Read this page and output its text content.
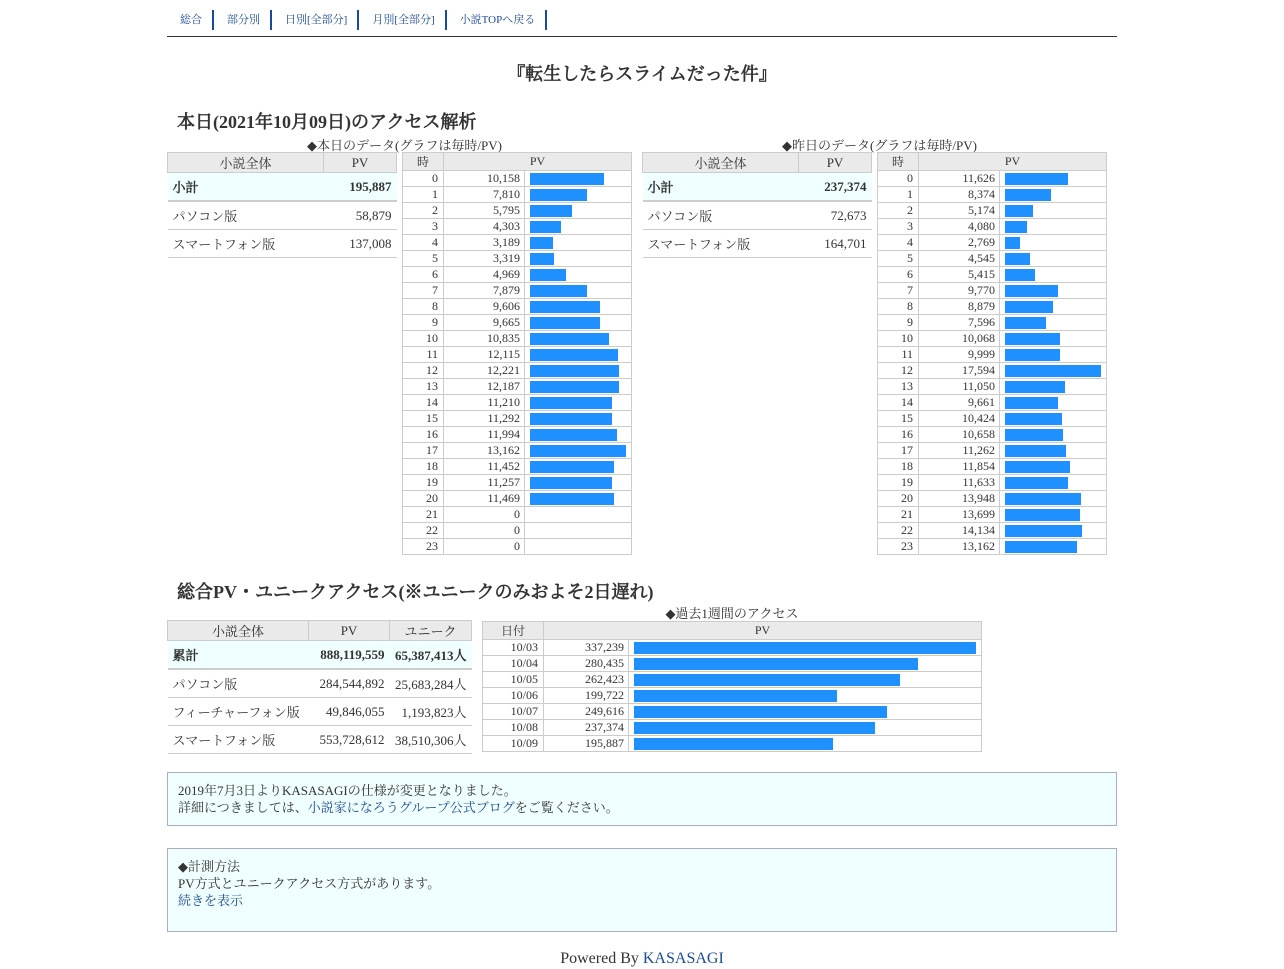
総合	部分別	日別[全部分]	月別[全部分]	小説TOPへ戻る
『転生したらスライムだった件』
本日(2021年10月09日)のアクセス解析
◆本日のデータ(グラフは毎時/PV)	◆昨日のデータ(グラフは毎時/PV)
小説全体	PV
小計	195,887
パソコン版	58,879
スマートフォン版	137,008
時	PV	
0	10,158	

1	7,810	

2	5,795	

3	4,303	

4	3,189	

5	3,319	

6	4,969	

7	7,879	

8	9,606	

9	9,665	

10	10,835	

11	12,115	

12	12,221	

13	12,187	

14	11,210	

15	11,292	

16	11,994	

17	13,162	

18	11,452	

19	11,257	

20	11,469	

21	0	
22	0	
23	0	
小説全体	PV
小計	237,374
パソコン版	72,673
スマートフォン版	164,701
時	PV	
0	11,626	

1	8,374	

2	5,174	

3	4,080	

4	2,769	

5	4,545	

6	5,415	

7	9,770	

8	8,879	

9	7,596	

10	10,068	

11	9,999	

12	17,594	

13	11,050	

14	9,661	

15	10,424	

16	10,658	

17	11,262	

18	11,854	

19	11,633	

20	13,948	

21	13,699	

22	14,134	

23	13,162	
総合PV・ユニークアクセス(※ユニークのみおよそ2日遅れ)
小説全体	PV	ユニーク
累計	888,119,559	65,387,413人
パソコン版	284,544,892	25,683,284人
フィーチャーフォン版	49,846,055	1,193,823人
スマートフォン版	553,728,612	38,510,306人
◆過去1週間のアクセス
日付	PV	
10/03	337,239	

10/04	280,435	

10/05	262,423	

10/06	199,722	

10/07	249,616	

10/08	237,374	

10/09	195,887	
2019年7月3日よりKASASAGIの仕様が変更となりました。
詳細につきましては、小説家になろうグループ公式ブログをご覧ください。
◆計測方法
PV方式とユニークアクセス方式があります。
続きを表示
Powered By KASASAGI
